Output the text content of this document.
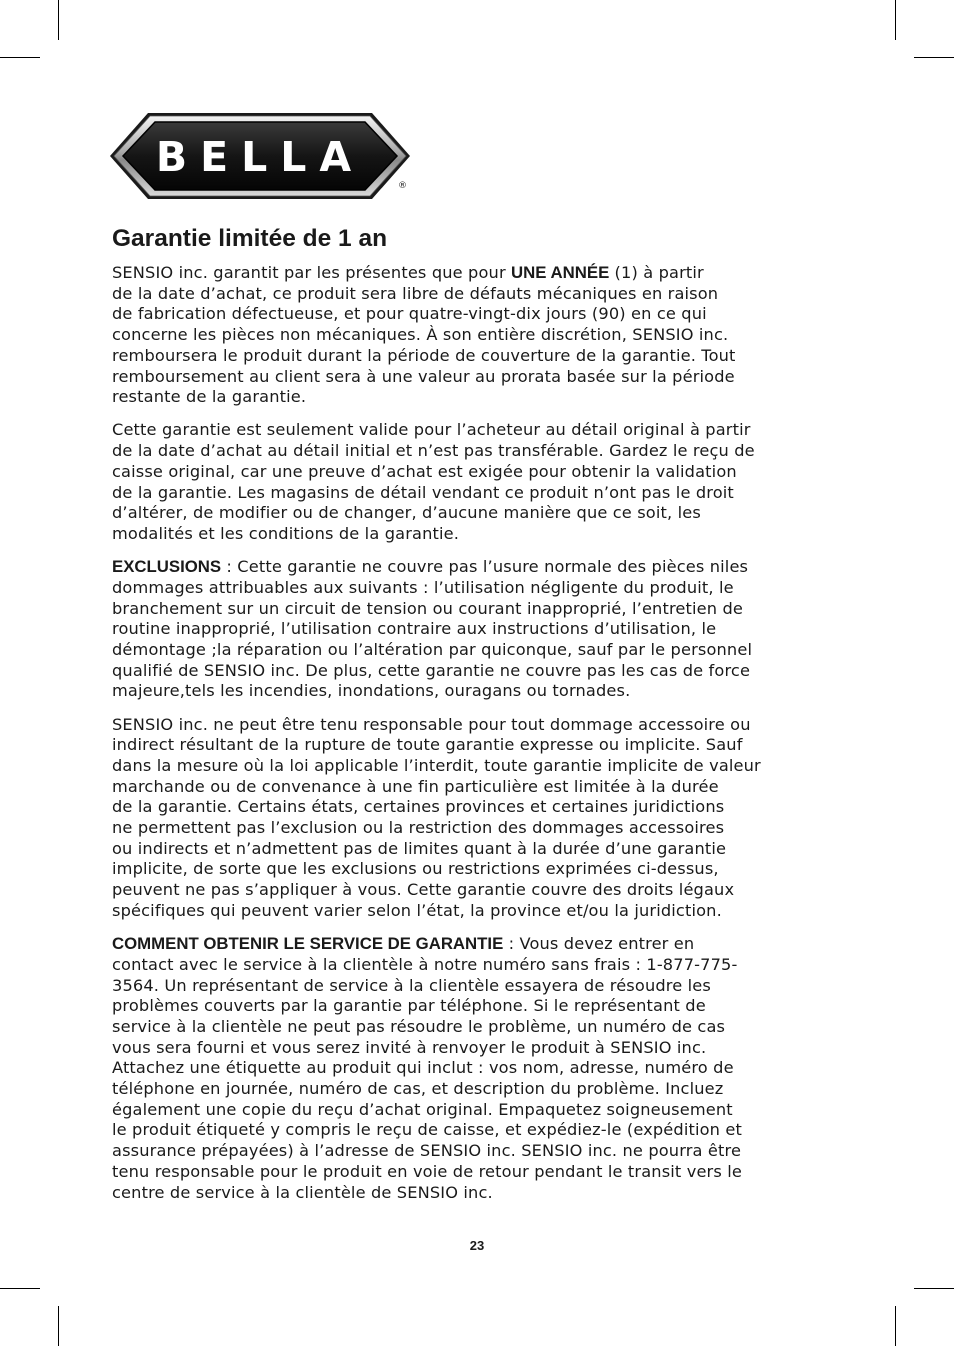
BELLA
®
Garantie limitée de 1 an

SENSIO inc. garantit par les présentes que pour UNE ANNÉE (1) à partir
de la date d’achat, ce produit sera libre de défauts mécaniques en raison
de fabrication défectueuse, et pour quatre-vingt-dix jours (90) en ce qui
concerne les pièces non mécaniques. À son entière discrétion, SENSIO inc.
remboursera le produit durant la période de couverture de la garantie. Tout
remboursement au client sera à une valeur au prorata basée sur la période
restante de la garantie.

Cette garantie est seulement valide pour l’acheteur au détail original à partir
de la date d’achat au détail initial et n’est pas transférable. Gardez le reçu de
caisse original, car une preuve d’achat est exigée pour obtenir la validation
de la garantie. Les magasins de détail vendant ce produit n’ont pas le droit
d’altérer, de modifier ou de changer, d’aucune manière que ce soit, les
modalités et les conditions de la garantie.

EXCLUSIONS : Cette garantie ne couvre pas l’usure normale des pièces niles
dommages attribuables aux suivants : l’utilisation négligente du produit, le
branchement sur un circuit de tension ou courant inapproprié, l’entretien de
routine inapproprié, l’utilisation contraire aux instructions d’utilisation, le
démontage ;la réparation ou l’altération par quiconque, sauf par le personnel
qualifié de SENSIO inc. De plus, cette garantie ne couvre pas les cas de force
majeure,tels les incendies, inondations, ouragans ou tornades.

SENSIO inc. ne peut être tenu responsable pour tout dommage accessoire ou
indirect résultant de la rupture de toute garantie expresse ou implicite. Sauf
dans la mesure où la loi applicable l’interdit, toute garantie implicite de valeur
marchande ou de convenance à une fin particulière est limitée à la durée
de la garantie. Certains états, certaines provinces et certaines juridictions
ne permettent pas l’exclusion ou la restriction des dommages accessoires
ou indirects et n’admettent pas de limites quant à la durée d’une garantie
implicite, de sorte que les exclusions ou restrictions exprimées ci-dessus,
peuvent ne pas s’appliquer à vous. Cette garantie couvre des droits légaux
spécifiques qui peuvent varier selon l’état, la province et/ou la juridiction.

COMMENT OBTENIR LE SERVICE DE GARANTIE : Vous devez entrer en
contact avec le service à la clientèle à notre numéro sans frais : 1-877-775-
3564. Un représentant de service à la clientèle essayera de résoudre les
problèmes couverts par la garantie par téléphone. Si le représentant de
service à la clientèle ne peut pas résoudre le problème, un numéro de cas
vous sera fourni et vous serez invité à renvoyer le produit à SENSIO inc.
Attachez une étiquette au produit qui inclut : vos nom, adresse, numéro de
téléphone en journée, numéro de cas, et description du problème. Incluez
également une copie du reçu d’achat original. Empaquetez soigneusement
le produit étiqueté y compris le reçu de caisse, et expédiez-le (expédition et
assurance prépayées) à l’adresse de SENSIO inc. SENSIO inc. ne pourra être
tenu responsable pour le produit en voie de retour pendant le transit vers le
centre de service à la clientèle de SENSIO inc.

23
